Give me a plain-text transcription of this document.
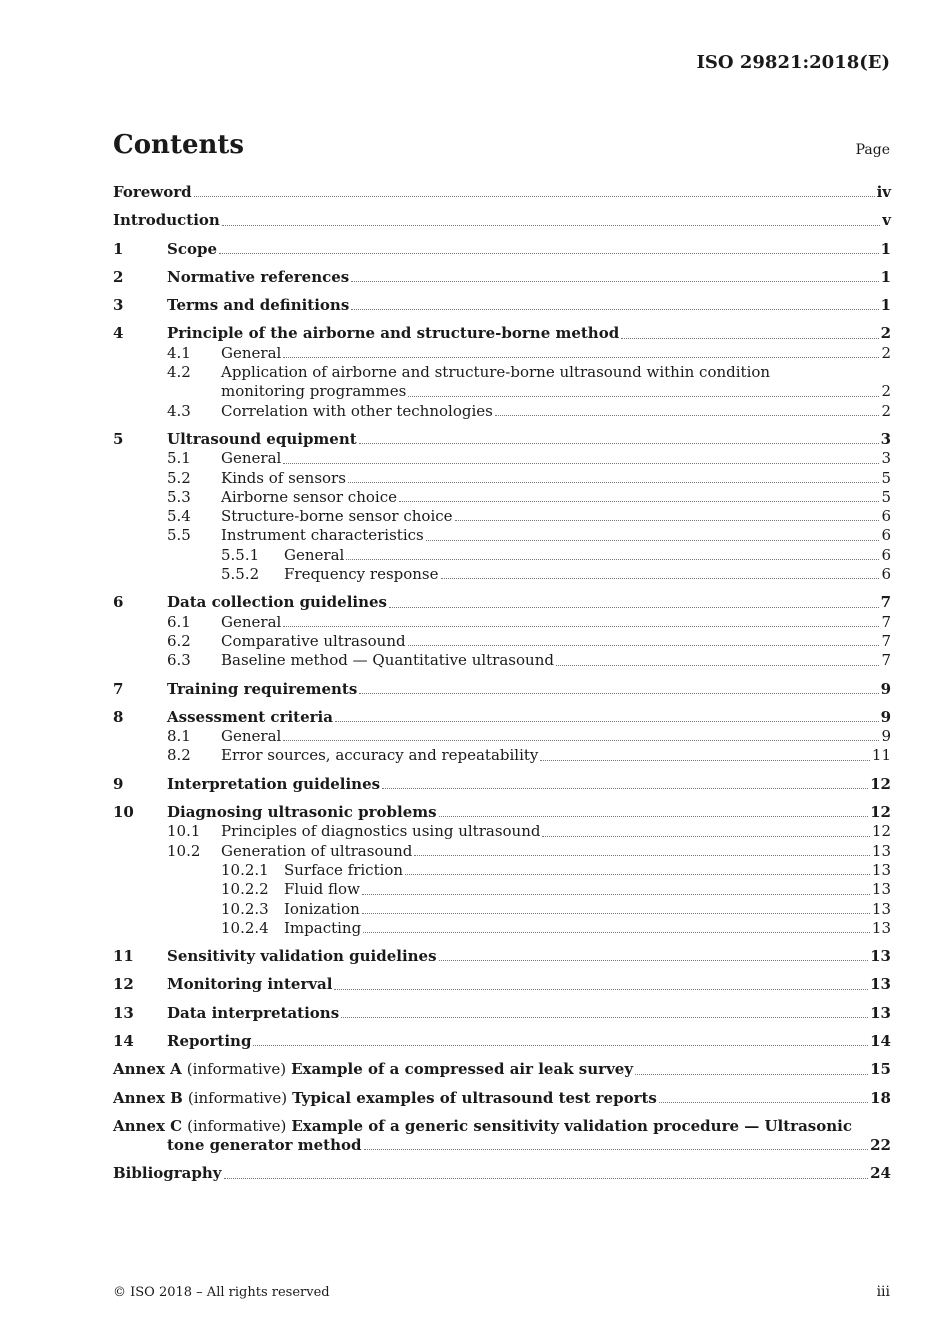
ISO 29821:2018(E)
Contents	Page
Foreword	iv
Introduction	v
1	Scope	1
2	Normative references	1
3	Terms and definitions	1
4	Principle of the airborne and structure-borne method	2
4.1	General	2
4.2	Application of airborne and structure-borne ultrasound within condition
monitoring programmes	2
4.3	Correlation with other technologies	2
5	Ultrasound equipment	3
5.1	General	3
5.2	Kinds of sensors	5
5.3	Airborne sensor choice	5
5.4	Structure-borne sensor choice	6
5.5	Instrument characteristics	6
5.5.1	General	6
5.5.2	Frequency response	6
6	Data collection guidelines	7
6.1	General	7
6.2	Comparative ultrasound	7
6.3	Baseline method — Quantitative ultrasound	7
7	Training requirements	9
8	Assessment criteria	9
8.1	General	9
8.2	Error sources, accuracy and repeatability	11
9	Interpretation guidelines	12
10	Diagnosing ultrasonic problems	12
10.1	Principles of diagnostics using ultrasound	12
10.2	Generation of ultrasound	13
10.2.1	Surface friction	13
10.2.2	Fluid flow	13
10.2.3	Ionization	13
10.2.4	Impacting	13
11	Sensitivity validation guidelines	13
12	Monitoring interval	13
13	Data interpretations	13
14	Reporting	14
Annex A (informative) Example of a compressed air leak survey	15
Annex B (informative) Typical examples of ultrasound test reports	18
Annex C (informative) Example of a generic sensitivity validation procedure — Ultrasonic
tone generator method	22
Bibliography	24
© ISO 2018 – All rights reserved	iii
